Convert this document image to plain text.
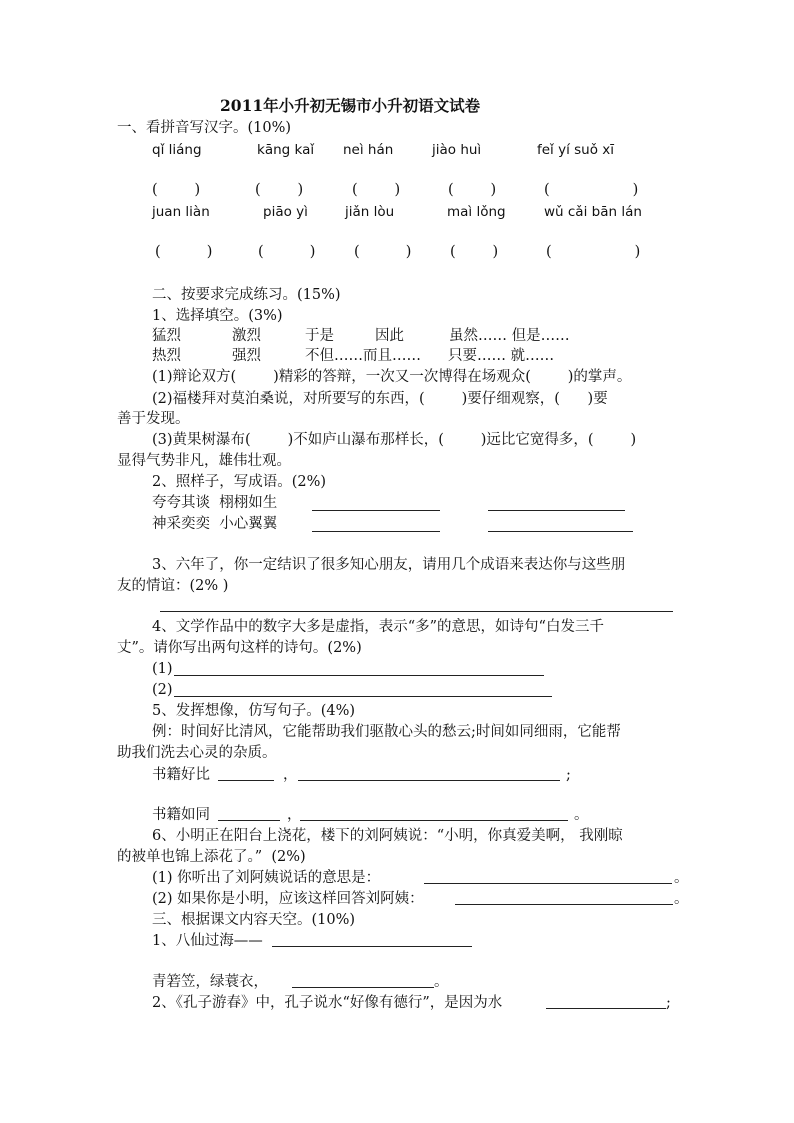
2011年小升初无锡市小升初语文试卷
一、看拼音写汉字。(10%)
qǐ liáng	kāng kaǐ neì hán	jiào huì	feǐ yí suǒ xī
(        )	(        )	(        )	(        )	(                  )
juan liàn	piāo yì	jiǎn lòu	maì lǒng	wǔ cǎi bān lán
(          )	(          )	(          )	(        )	(                  )
二、按要求完成练习。(15%)
1、选择填空。(3%)
猛烈	激烈	于是	因此	虽然…… 但是……
热烈	强烈	不但……而且…… 只要…… 就……
(1)辩论双方(        )精彩的答辩，一次又一次博得在场观众(        )的掌声。
(2)福楼拜对莫泊桑说，对所要写的东西，(        )要仔细观察，(      )要
善于发现。
(3)黄果树瀑布(        )不如庐山瀑布那样长，(        )远比它宽得多，(        )
显得气势非凡，雄伟壮观。
2、照样子，写成语。(2%)
夸夸其谈  栩栩如生
神采奕奕  小心翼翼
3、六年了，你一定结识了很多知心朋友，请用几个成语来表达你与这些朋
友的情谊：(2% )
4、文学作品中的数字大多是虚指，表示“多”的意思，如诗句“白发三千
丈”。请你写出两句这样的诗句。(2%)
(1)
(2)
5、发挥想像，仿写句子。(4%)
例：时间好比清风，它能帮助我们驱散心头的愁云;时间如同细雨，它能帮
助我们洗去心灵的杂质。
书籍好比	，	;
书籍如同	，	。
6、小明正在阳台上浇花，楼下的刘阿姨说：“小明，你真爱美啊， 我刚晾
的被单也锦上添花了。”  (2%)
(1) 你听出了刘阿姨说话的意思是：	。
(2) 如果你是小明，应该这样回答刘阿姨：	。
三、根据课文内容天空。(10%)
1、八仙过海——
青箬笠，绿蓑衣，	。
2、《孔子游春》中，孔子说水“好像有德行”，是因为水	;
